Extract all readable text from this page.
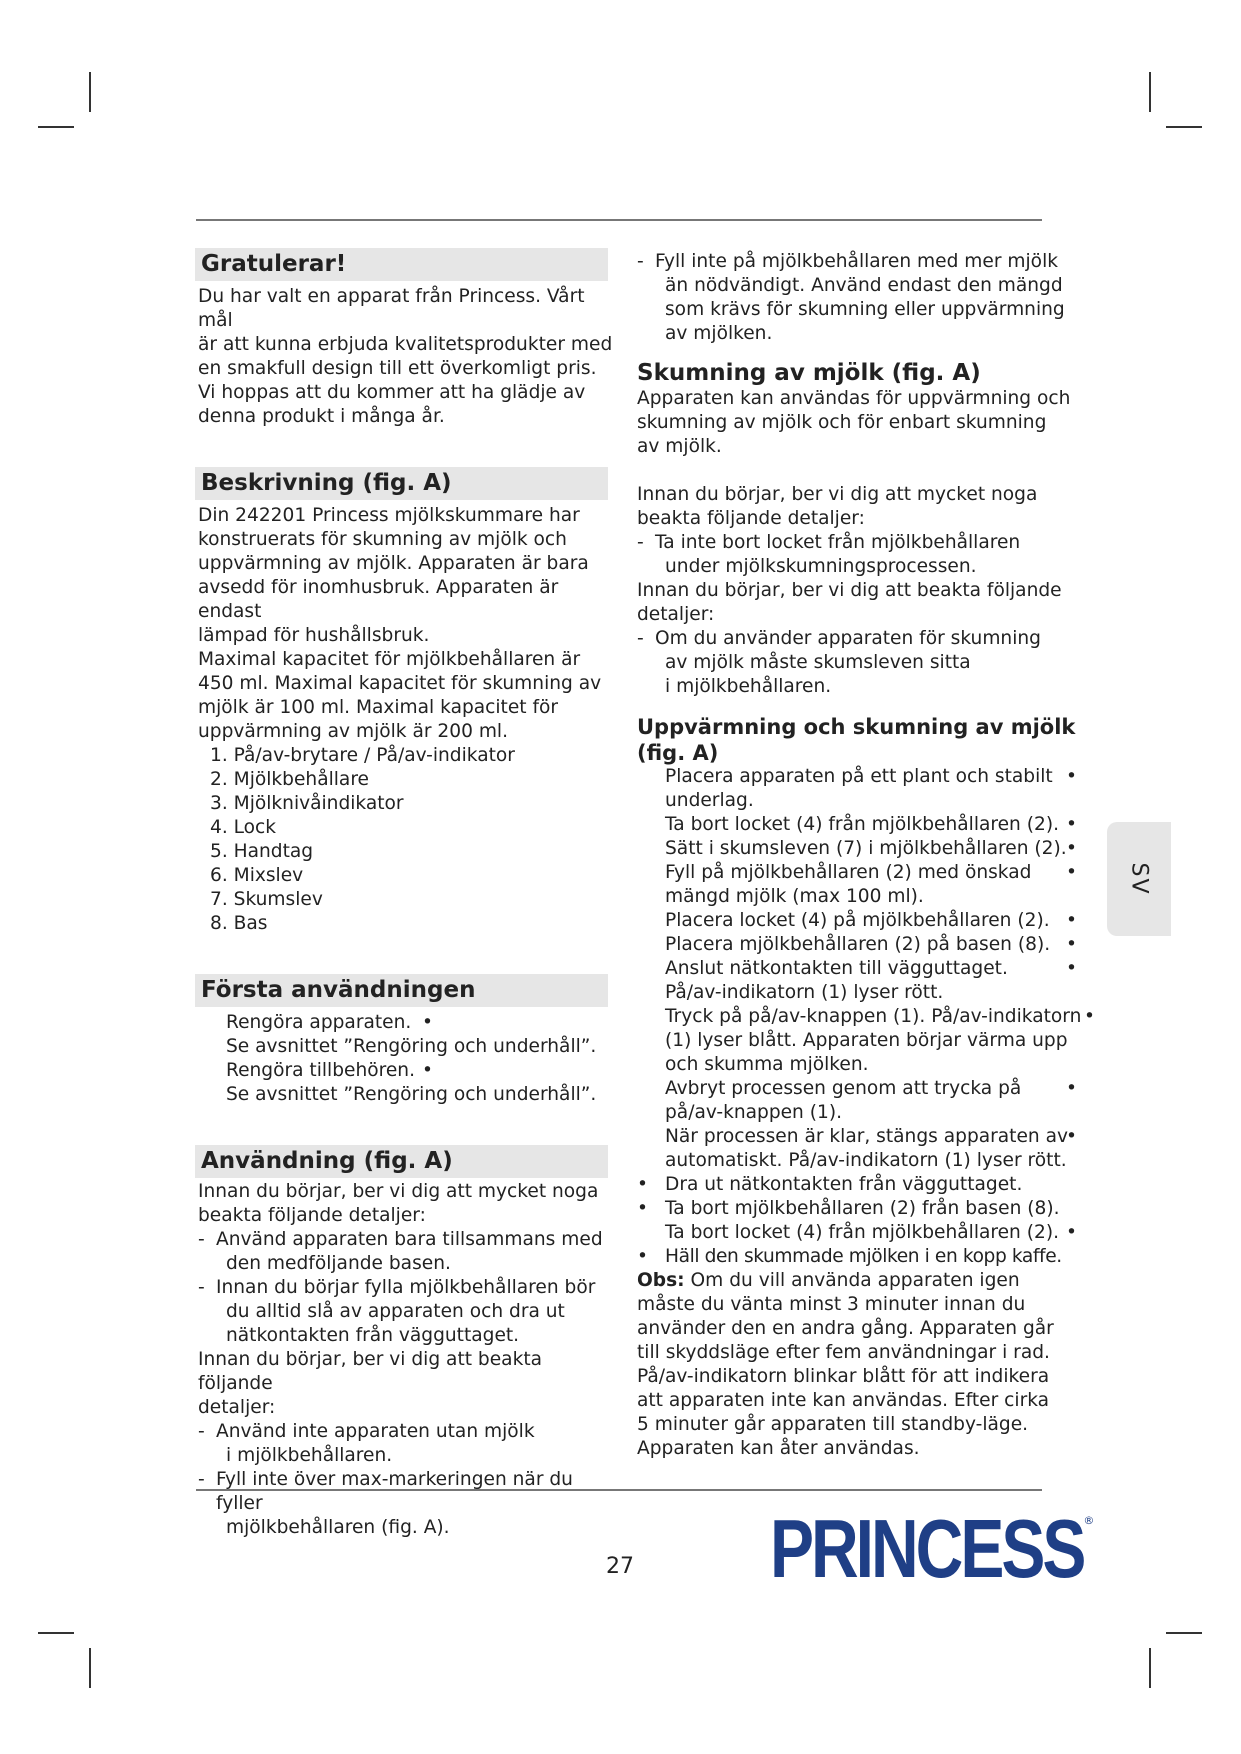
Gratulerar!

Du har valt en apparat från Princess. Vårt mål

är att kunna erbjuda kvalitetsprodukter med

en smakfull design till ett överkomligt pris.

Vi hoppas att du kommer att ha glädje av

denna produkt i många år.

Beskrivning (fig. A)

Din 242201 Princess mjölkskummare har

konstruerats för skumning av mjölk och

uppvärmning av mjölk. Apparaten är bara

avsedd för inomhusbruk. Apparaten är endast

lämpad för hushållsbruk.

Maximal kapacitet för mjölkbehållaren är

450 ml. Maximal kapacitet för skumning av

mjölk är 100 ml. Maximal kapacitet för

uppvärmning av mjölk är 200 ml.

1. På/av-brytare / På/av-indikator

2. Mjölkbehållare

3. Mjölknivåindikator

4. Lock

5. Handtag

6. Mixslev

7. Skumslev

8. Bas

Första användningen

Rengöra apparaten. •

Se avsnittet ”Rengöring och underhåll”.

Rengöra tillbehören. •

Se avsnittet ”Rengöring och underhåll”.

Användning (fig. A)

Innan du börjar, ber vi dig att mycket noga

beakta följande detaljer:

- Använd apparaten bara tillsammans med

den medföljande basen.

- Innan du börjar fylla mjölkbehållaren bör

du alltid slå av apparaten och dra ut

nätkontakten från vägguttaget.

Innan du börjar, ber vi dig att beakta följande

detaljer:

- Använd inte apparaten utan mjölk

i mjölkbehållaren.

- Fyll inte över max-markeringen när du fyller

mjölkbehållaren (fig. A).

- Fyll inte på mjölkbehållaren med mer mjölk

än nödvändigt. Använd endast den mängd

som krävs för skumning eller uppvärmning

av mjölken.

Skumning av mjölk (fig. A)

Apparaten kan användas för uppvärmning och

skumning av mjölk och för enbart skumning

av mjölk.

Innan du börjar, ber vi dig att mycket noga

beakta följande detaljer:

- Ta inte bort locket från mjölkbehållaren

under mjölkskumningsprocessen.

Innan du börjar, ber vi dig att beakta följande

detaljer:

- Om du använder apparaten för skumning

av mjölk måste skumsleven sitta

i mjölkbehållaren.

Uppvärmning och skumning av mjölk
(fig. A)

Placera apparaten på ett plant och stabilt •

underlag.

Ta bort locket (4) från mjölkbehållaren (2). •

Sätt i skumsleven (7) i mjölkbehållaren (2). •

Fyll på mjölkbehållaren (2) med önskad •

mängd mjölk (max 100 ml).

Placera locket (4) på mjölkbehållaren (2). •

Placera mjölkbehållaren (2) på basen (8). •

Anslut nätkontakten till vägguttaget.	•

På/av-indikatorn (1) lyser rött.

Tryck på på/av-knappen (1). På/av-indikatorn •

(1) lyser blått. Apparaten börjar värma upp

och skumma mjölken.

Avbryt processen genom att trycka på •

på/av-knappen (1).

När processen är klar, stängs apparaten av
•

automatiskt. På/av-indikatorn (1) lyser rött.

• Dra ut nätkontakten från vägguttaget.

• Ta bort mjölkbehållaren (2) från basen (8).

Ta bort locket (4) från mjölkbehållaren (2). •

• Häll den skummade mjölken i en kopp kaffe.

Obs: Om du vill använda apparaten igen

måste du vänta minst 3 minuter innan du

använder den en andra gång. Apparaten går

till skyddsläge efter fem användningar i rad.

På/av-indikatorn blinkar blått för att indikera

att apparaten inte kan användas. Efter cirka

5 minuter går apparaten till standby-läge.

Apparaten kan åter användas.

SV
27	PRINCESS ®
